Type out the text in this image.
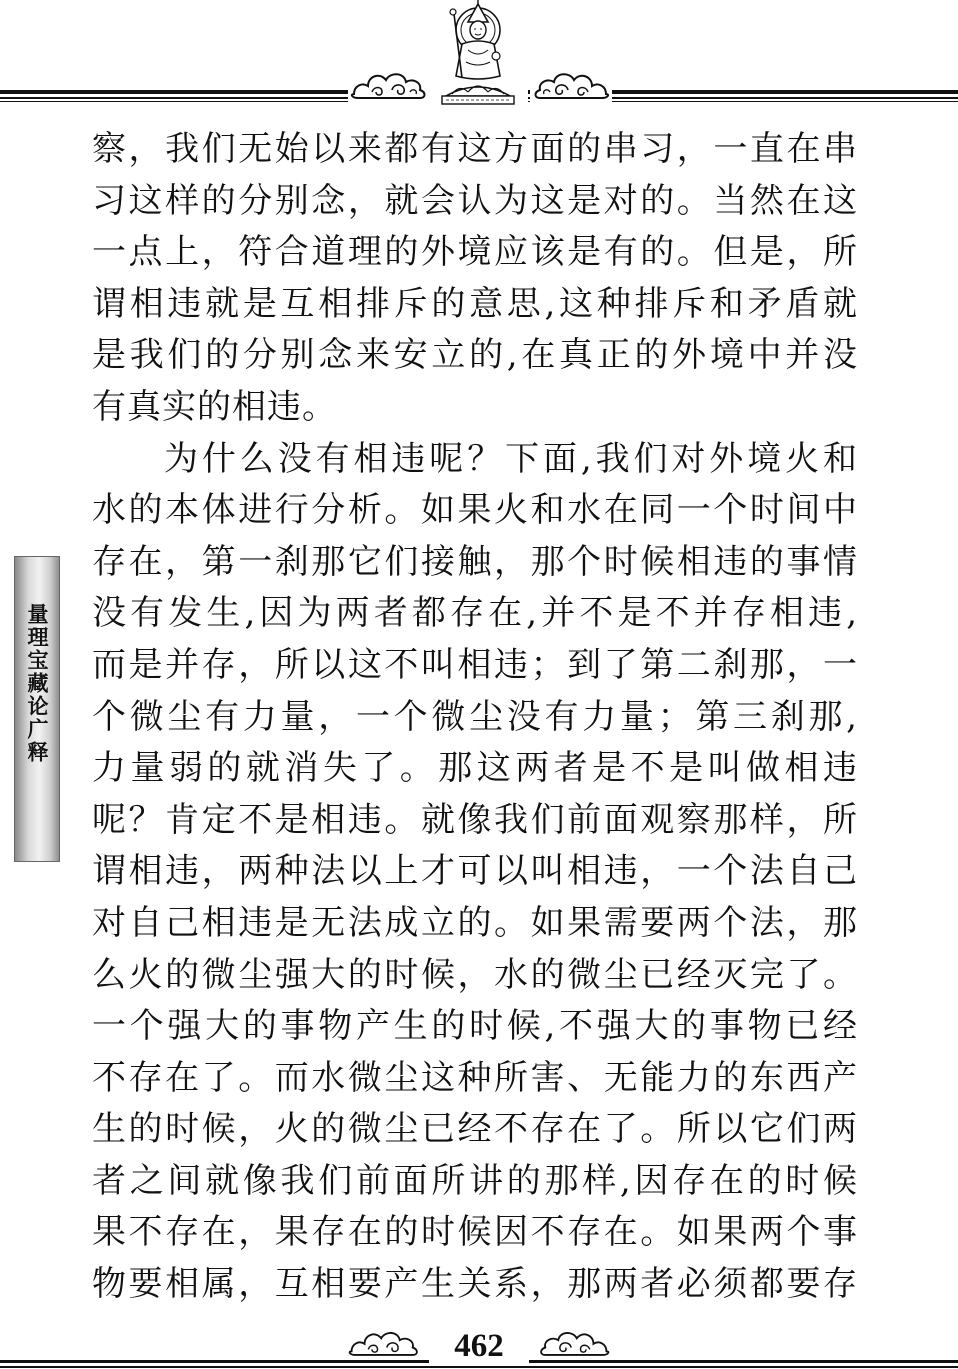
量理宝藏论广释
察，我们无始以来都有这方面的串习，一直在串
习这样的分别念，就会认为这是对的。当然在这
一点上，符合道理的外境应该是有的。但是，所
谓相违就是互相排斥的意思,这种排斥和矛盾就
是我们的分别念来安立的,在真正的外境中并没
有真实的相违。
为什么没有相违呢？下面,我们对外境火和
水的本体进行分析。如果火和水在同一个时间中
存在，第一刹那它们接触，那个时候相违的事情
没有发生,因为两者都存在,并不是不并存相违,
而是并存，所以这不叫相违；到了第二刹那，一
个微尘有力量，一个微尘没有力量；第三刹那,
力量弱的就消失了。那这两者是不是叫做相违
呢？肯定不是相违。就像我们前面观察那样，所
谓相违，两种法以上才可以叫相违，一个法自己
对自己相违是无法成立的。如果需要两个法，那
么火的微尘强大的时候，水的微尘已经灭完了。
一个强大的事物产生的时候,不强大的事物已经
不存在了。而水微尘这种所害、无能力的东西产
生的时候，火的微尘已经不存在了。所以它们两
者之间就像我们前面所讲的那样,因存在的时候
果不存在，果存在的时候因不存在。如果两个事
物要相属，互相要产生关系，那两者必须都要存
462
